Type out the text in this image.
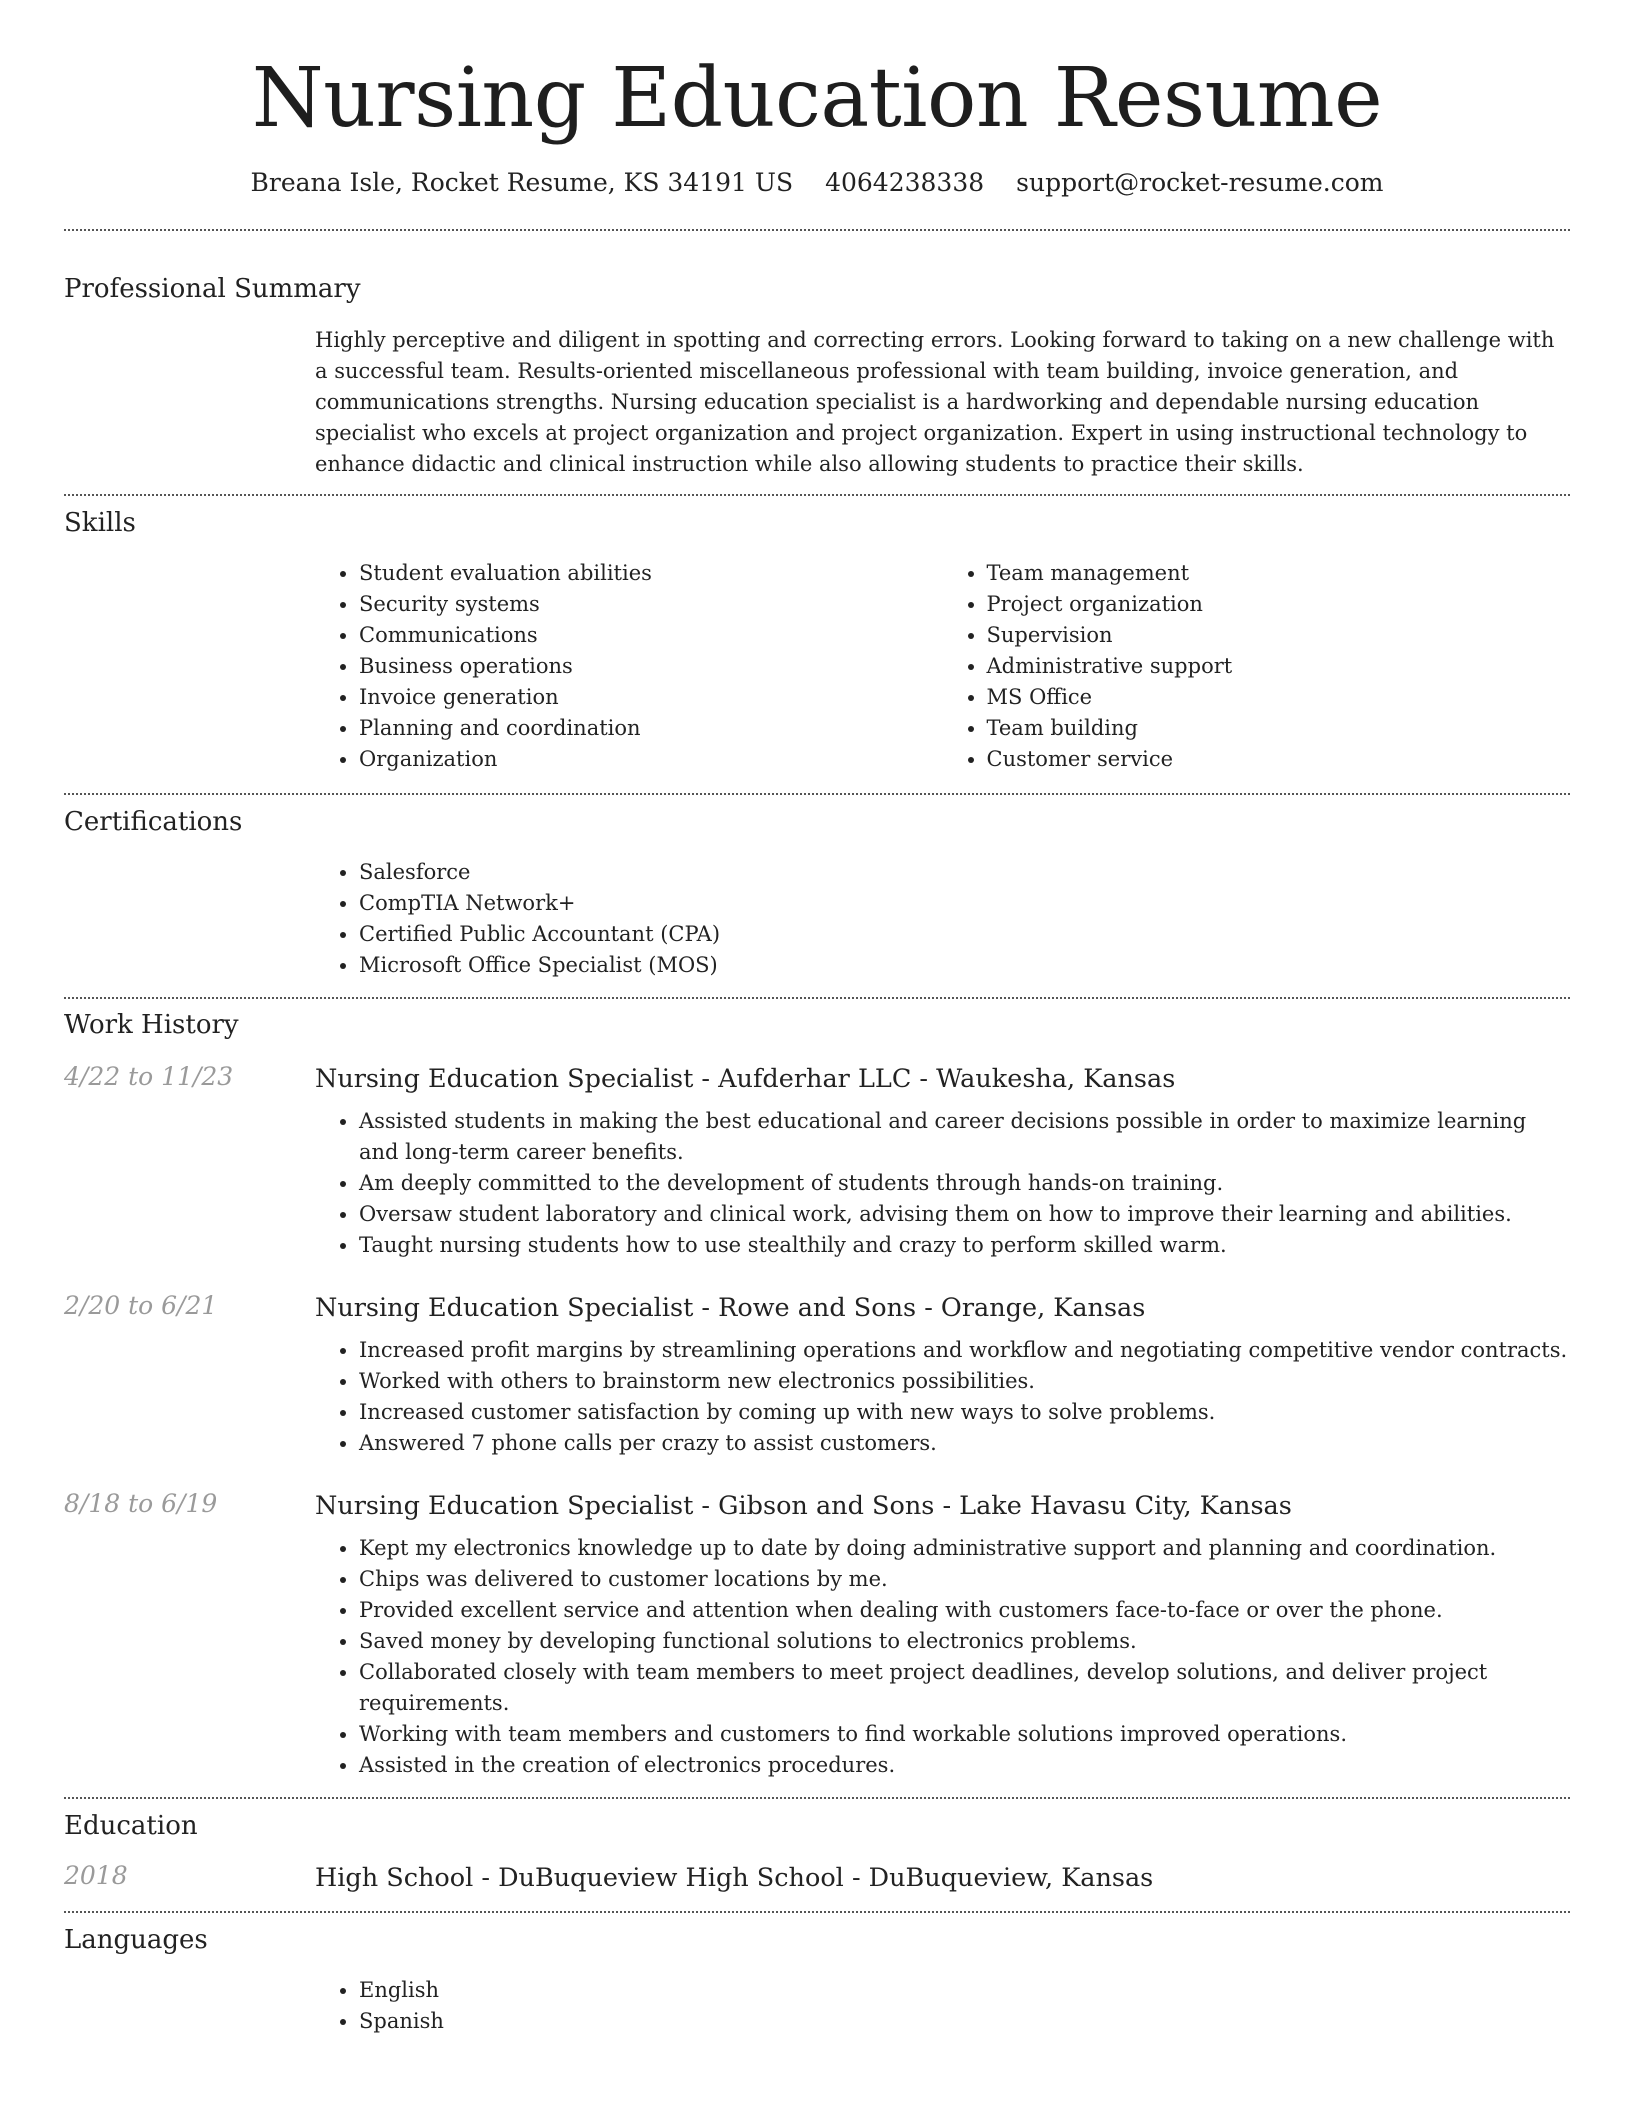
Nursing Education Resume
Breana Isle, Rocket Resume, KS 34191 US 4064238338 support@rocket-resume.com
Professional Summary
Highly perceptive and diligent in spotting and correcting errors. Looking forward to taking on a new challenge with a successful team. Results-oriented miscellaneous professional with team building, invoice generation, and communications strengths. Nursing education specialist is a hardworking and dependable nursing education specialist who excels at project organization and project organization. Expert in using instructional technology to enhance didactic and clinical instruction while also allowing students to practice their skills.
Skills
• Student evaluation abilities
• Security systems
• Communications
• Business operations
• Invoice generation
• Planning and coordination
• Organization
• Team management
• Project organization
• Supervision
• Administrative support
• MS Office
• Team building
• Customer service
Certifications
• Salesforce
• CompTIA Network+
• Certified Public Accountant (CPA)
• Microsoft Office Specialist (MOS)
Work History
4/22 to 11/23	Nursing Education Specialist - Aufderhar LLC - Waukesha, Kansas
• Assisted students in making the best educational and career decisions possible in order to maximize learning and long-term career benefits.
• Am deeply committed to the development of students through hands-on training.
• Oversaw student laboratory and clinical work, advising them on how to improve their learning and abilities.
• Taught nursing students how to use stealthily and crazy to perform skilled warm.
2/20 to 6/21	Nursing Education Specialist - Rowe and Sons - Orange, Kansas
• Increased profit margins by streamlining operations and workflow and negotiating competitive vendor contracts.
• Worked with others to brainstorm new electronics possibilities.
• Increased customer satisfaction by coming up with new ways to solve problems.
• Answered 7 phone calls per crazy to assist customers.
8/18 to 6/19	Nursing Education Specialist - Gibson and Sons - Lake Havasu City, Kansas
• Kept my electronics knowledge up to date by doing administrative support and planning and coordination.
• Chips was delivered to customer locations by me.
• Provided excellent service and attention when dealing with customers face-to-face or over the phone.
• Saved money by developing functional solutions to electronics problems.
• Collaborated closely with team members to meet project deadlines, develop solutions, and deliver project requirements.
• Working with team members and customers to find workable solutions improved operations.
• Assisted in the creation of electronics procedures.
Education
2018	High School - DuBuqueview High School - DuBuqueview, Kansas
Languages
• English
• Spanish
